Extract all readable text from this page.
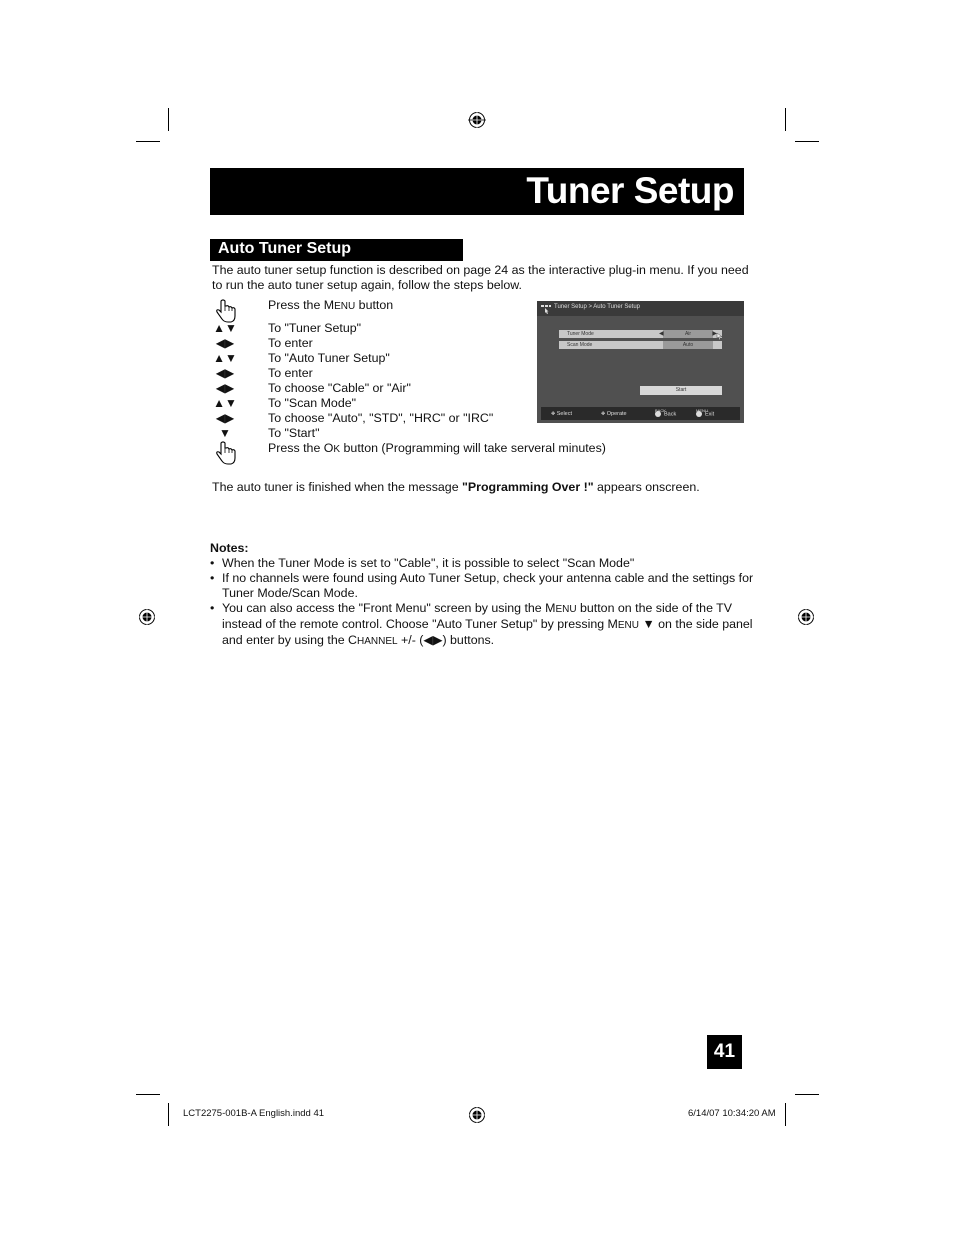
Tuner Setup
Auto Tuner Setup
The auto tuner setup function is described on page 24 as the interactive plug-in menu. If you need to run the auto tuner setup again, follow the steps below.
Press the MENU button
▲▼	To "Tuner Setup"
◀▶	To enter
▲▼	To "Auto Tuner Setup"
◀▶	To enter
◀▶	To choose "Cable" or "Air"
▲▼	To "Scan Mode"
◀▶	To choose "Auto", "STD", "HRC" or "IRC"
▼	To "Start"
Press the OK button (Programming will take serveral minutes)
Tuner Setup > Auto Tuner Setup
Tuner Mode	◀	Air	▶
Scan Mode	Auto
Start
✥ Select	✥ Operate
BACK
Back
MENU
Exit
The auto tuner is finished when the message "Programming Over !" appears onscreen.
Notes:
• When the Tuner Mode is set to "Cable", it is possible to select "Scan Mode"
• If no channels were found using Auto Tuner Setup, check your antenna cable and the settings for Tuner Mode/Scan Mode.
• You can also access the "Front Menu" screen by using the MENU button on the side of the TV instead of the remote control. Choose "Auto Tuner Setup" by pressing MENU ▼ on the side panel and enter by using the CHANNEL +/- (◀▶) buttons.
41
LCT2275-001B-A English.indd 41	6/14/07 10:34:20 AM
